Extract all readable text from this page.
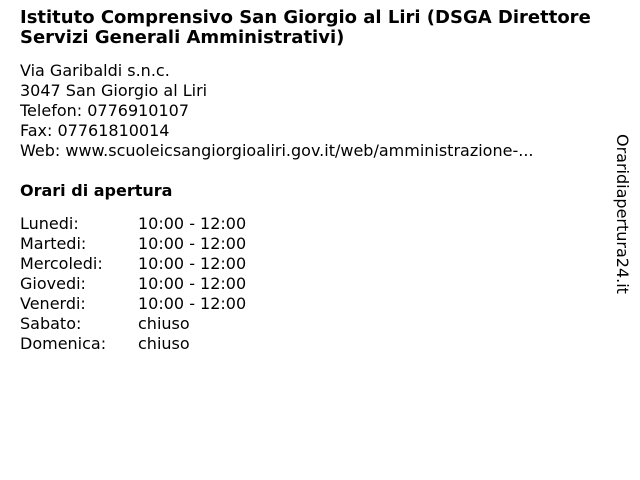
Istituto Comprensivo San Giorgio al Liri (DSGA Direttore Servizi Generali Amministrativi)
Via Garibaldi s.n.c.
3047 San Giorgio al Liri
Telefon: 0776910107
Fax: 07761810014
Web: www.scuoleicsangiorgioaliri.gov.it/web/amministrazione-...
Orari di apertura
Lunedi:	10:00 - 12:00
Martedi:	10:00 - 12:00
Mercoledi:	10:00 - 12:00
Giovedi:	10:00 - 12:00
Venerdi:	10:00 - 12:00
Sabato:	chiuso
Domenica:	chiuso
Oraridiapertura24.it
